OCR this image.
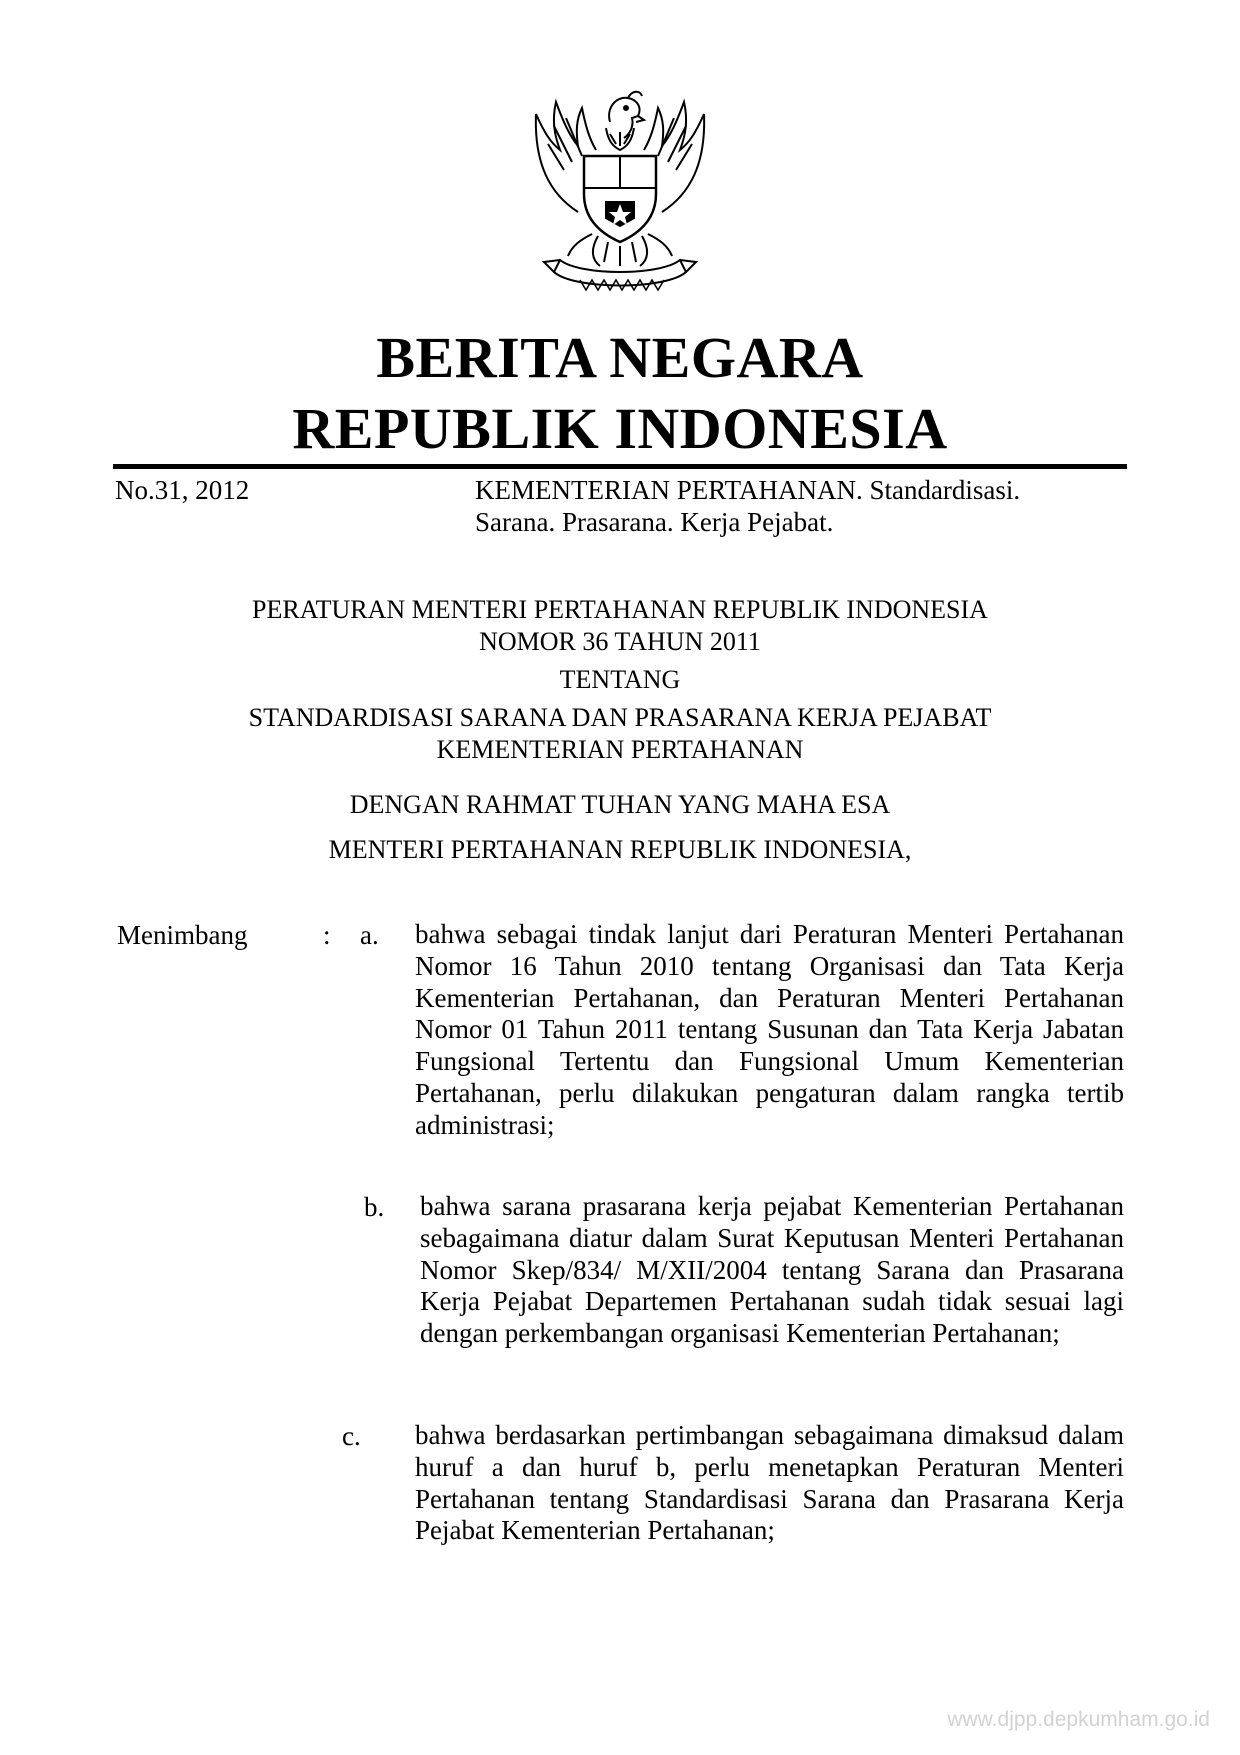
BERITA NEGARA
REPUBLIK INDONESIA
No.31, 2012	KEMENTERIAN PERTAHANAN. Standardisasi.
Sarana. Prasarana. Kerja Pejabat.
PERATURAN MENTERI PERTAHANAN REPUBLIK INDONESIA
NOMOR 36 TAHUN 2011
TENTANG
STANDARDISASI SARANA DAN PRASARANA KERJA PEJABAT
KEMENTERIAN PERTAHANAN
DENGAN RAHMAT TUHAN YANG MAHA ESA
MENTERI PERTAHANAN REPUBLIK INDONESIA,
Menimbang	: a. bahwa sebagai tindak lanjut dari Peraturan Menteri Pertahanan Nomor 16 Tahun 2010 tentang Organisasi dan Tata Kerja Kementerian Pertahanan, dan Peraturan Menteri Pertahanan Nomor 01 Tahun 2011 tentang Susunan dan Tata Kerja Jabatan Fungsional Tertentu dan Fungsional Umum Kementerian Pertahanan, perlu dilakukan pengaturan dalam rangka tertib administrasi;
b. bahwa sarana prasarana kerja pejabat Kementerian Pertahanan sebagaimana diatur dalam Surat Keputusan Menteri Pertahanan Nomor Skep/834/ M/XII/2004 tentang Sarana dan Prasarana Kerja Pejabat Departemen Pertahanan sudah tidak sesuai lagi dengan perkembangan organisasi Kementerian Pertahanan;
c. bahwa berdasarkan pertimbangan sebagaimana dimaksud dalam huruf a dan huruf b, perlu menetapkan Peraturan Menteri Pertahanan tentang Standardisasi Sarana dan Prasarana Kerja Pejabat Kementerian Pertahanan;
www.djpp.depkumham.go.id
